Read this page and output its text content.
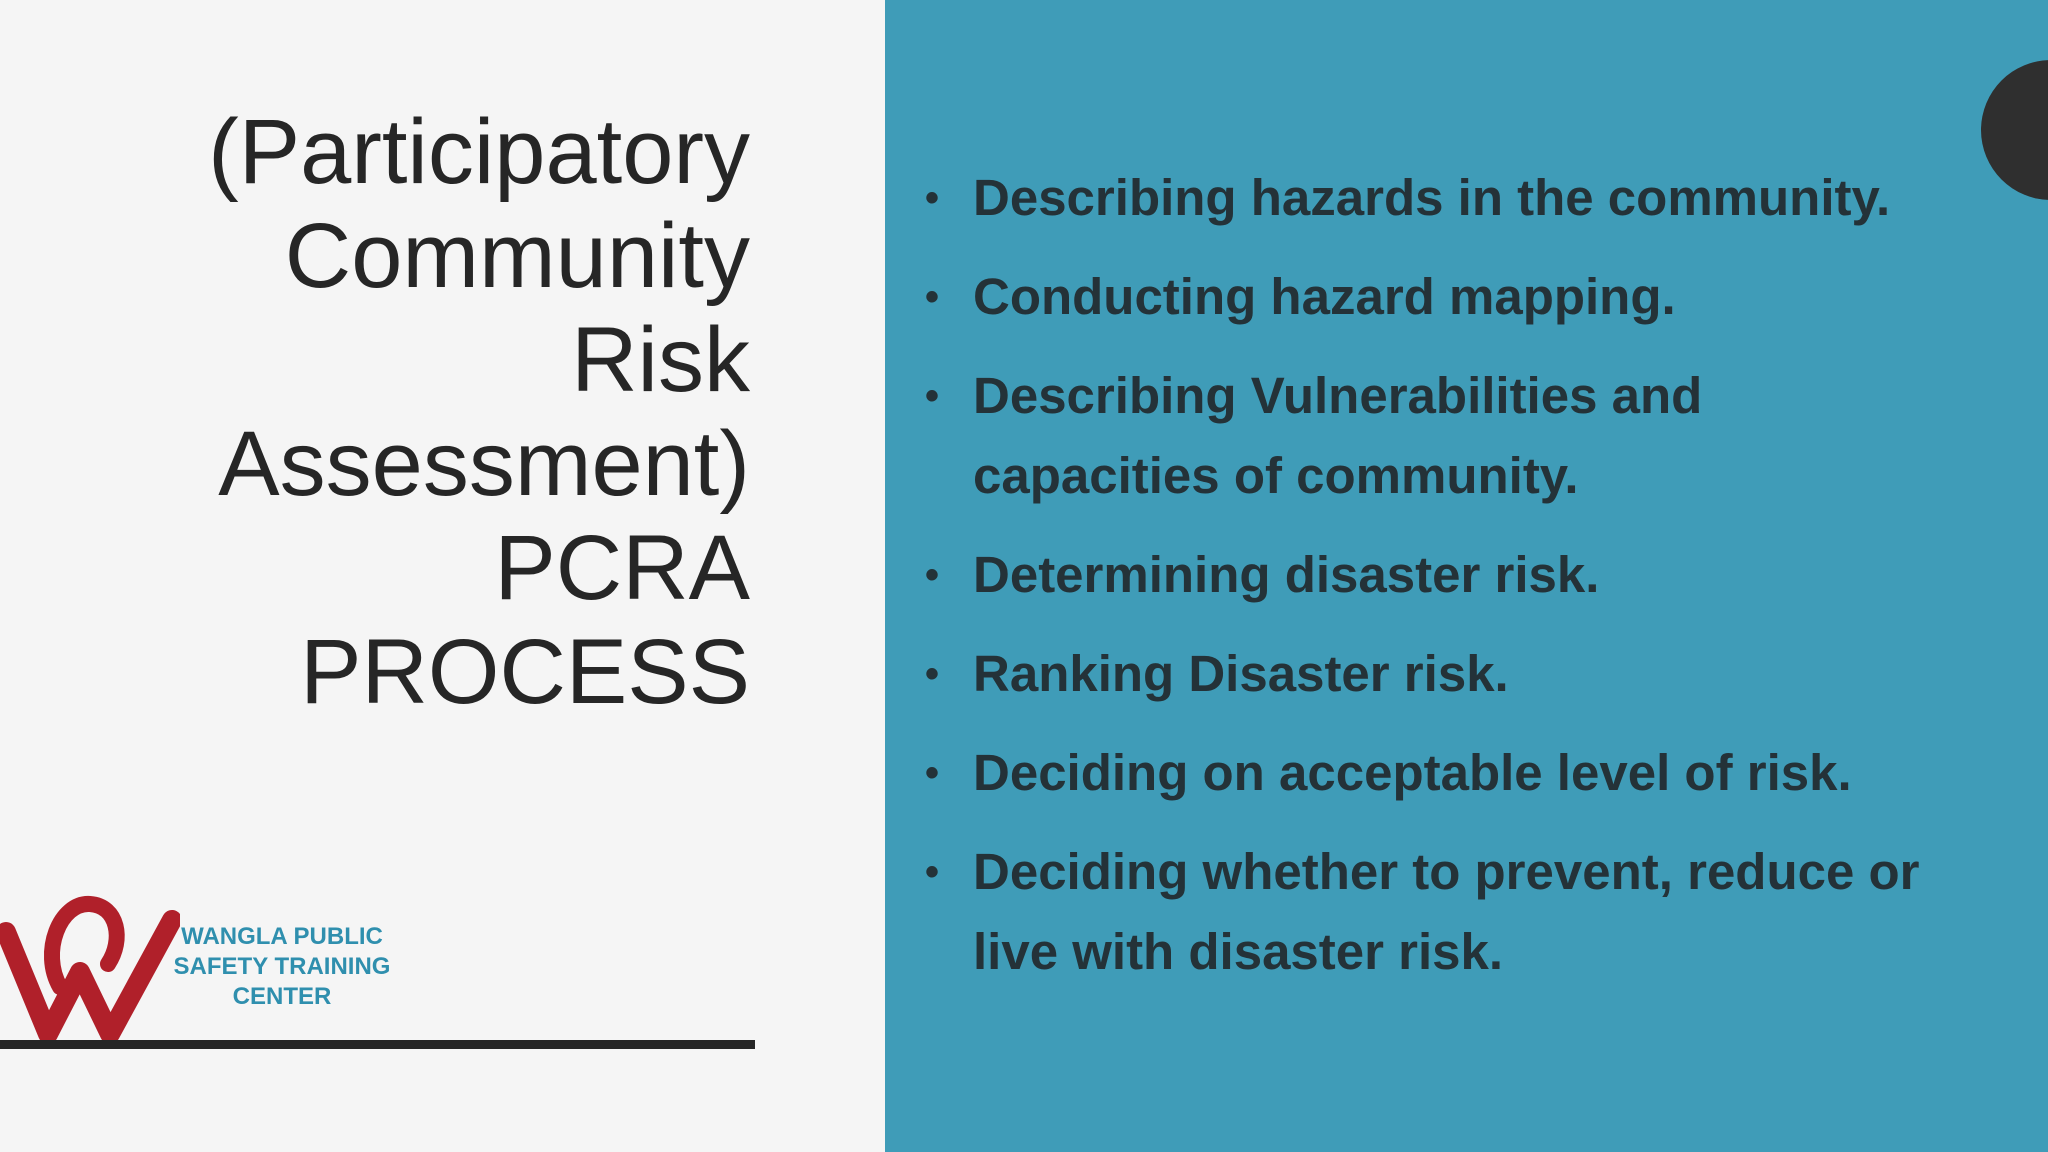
(Participatory
Community
Risk
Assessment)
PCRA
PROCESS
• Describing hazards in the community.
• Conducting hazard mapping.
• Describing Vulnerabilities and
capacities of community.
• Determining disaster risk.
• Ranking Disaster risk.
• Deciding on acceptable level of risk.
• Deciding whether to prevent, reduce or
live with disaster risk.
WANGLA PUBLIC
SAFETY TRAINING
CENTER
